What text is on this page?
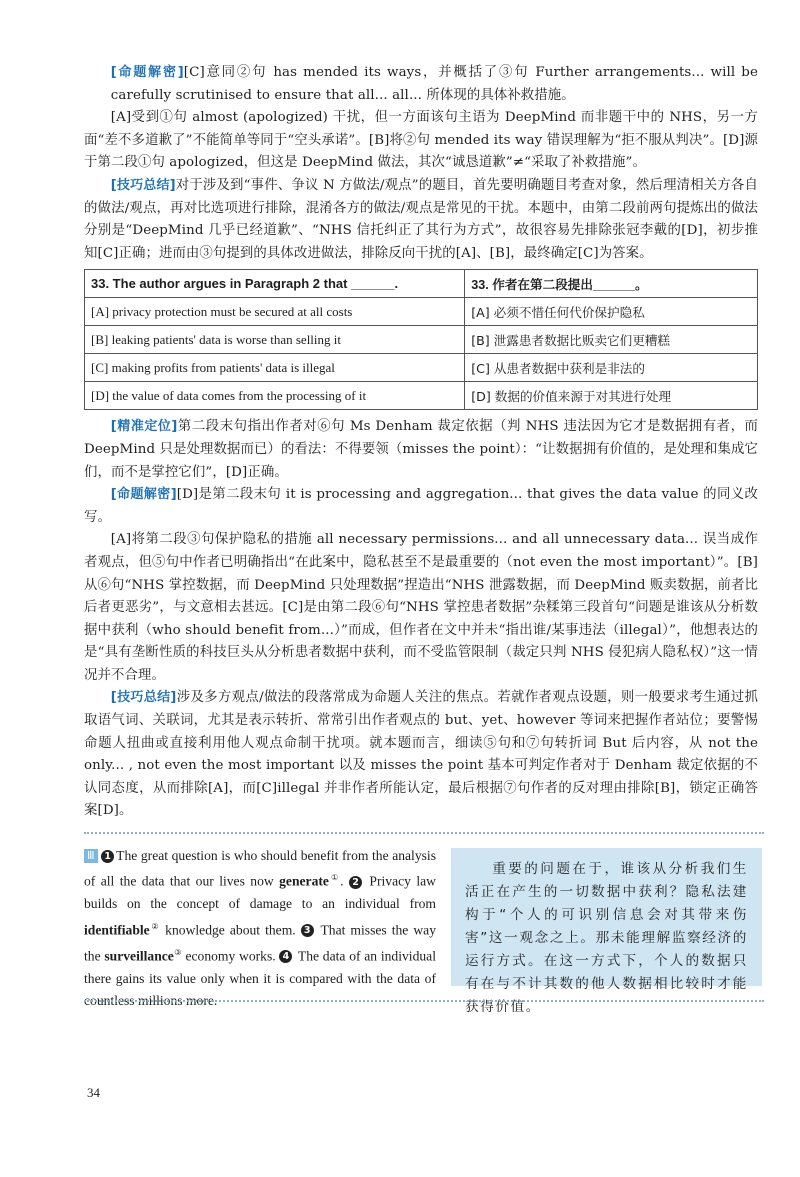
[命题解密][C]意同②句 has mended its ways，并概括了③句 Further arrangements... will be carefully scrutinised to ensure that all... all... 所体现的具体补救措施。

[A]受到①句 almost (apologized) 干扰，但一方面该句主语为 DeepMind 而非题干中的 NHS，另一方面“差不多道歉了”不能简单等同于“空头承诺”。[B]将②句 mended its way 错误理解为“拒不服从判决”。[D]源于第二段①句 apologized，但这是 DeepMind 做法，其次“诚恳道歉”≠“采取了补救措施”。

[技巧总结]对于涉及到“事件、争议 N 方做法/观点”的题目，首先要明确题目考查对象，然后理清相关方各自的做法/观点，再对比选项进行排除，混淆各方的做法/观点是常见的干扰。本题中，由第二段前两句提炼出的做法分别是“DeepMind 几乎已经道歉”、“NHS 信托纠正了其行为方式”，故很容易先排除张冠李戴的[D]，初步推知[C]正确；进而由③句提到的具体改进做法，排除反向干扰的[A]、[B]，最终确定[C]为答案。

33. The author argues in Paragraph 2 that ______.	33. 作者在第二段提出______。
[A] privacy protection must be secured at all costs	[A] 必须不惜任何代价保护隐私
[B] leaking patients' data is worse than selling it	[B] 泄露患者数据比贩卖它们更糟糕
[C] making profits from patients' data is illegal	[C] 从患者数据中获利是非法的
[D] the value of data comes from the processing of it	[D] 数据的价值来源于对其进行处理

[精准定位]第二段末句指出作者对⑥句 Ms Denham 裁定依据（判 NHS 违法因为它才是数据拥有者，而 DeepMind 只是处理数据而已）的看法：不得要领（misses the point）：“让数据拥有价值的，是处理和集成它们，而不是掌控它们”，[D]正确。

[命题解密][D]是第二段末句 it is processing and aggregation... that gives the data value 的同义改写。

[A]将第二段③句保护隐私的措施 all necessary permissions... and all unnecessary data... 误当成作者观点，但⑤句中作者已明确指出“在此案中，隐私甚至不是最重要的（not even the most important）”。[B]从⑥句“NHS 掌控数据，而 DeepMind 只处理数据”捏造出“NHS 泄露数据，而 DeepMind 贩卖数据，前者比后者更恶劣”，与文意相去甚远。[C]是由第二段⑥句“NHS 掌控患者数据”杂糅第三段首句“问题是谁该从分析数据中获利（who should benefit from...）”而成，但作者在文中并未“指出谁/某事违法（illegal）”，他想表达的是“具有垄断性质的科技巨头从分析患者数据中获利，而不受监管限制（裁定只判 NHS 侵犯病人隐私权）”这一情况并不合理。

[技巧总结]涉及多方观点/做法的段落常成为命题人关注的焦点。若就作者观点设题，则一般要求考生通过抓取语气词、关联词，尤其是表示转折、常常引出作者观点的 but、yet、however 等词来把握作者站位；要警惕命题人扭曲或直接利用他人观点命制干扰项。就本题而言，细读⑤句和⑦句转折词 But 后内容，从 not the only... , not even the most important 以及 misses the point 基本可判定作者对于 Denham 裁定依据的不认同态度，从而排除[A]，而[C]illegal 并非作者所能认定，最后根据⑦句作者的反对理由排除[B]，锁定正确答案[D]。

Ⅲ 1 The great question is who should benefit from the analysis of all the data that our lives now generate①. 2 Privacy law builds on the concept of damage to an individual from identifiable② knowledge about them. 3 That misses the way the surveillance③ economy works. 4 The data of an individual there gains its value only when it is compared with the data of countless millions more.

重要的问题在于，谁该从分析我们生活正在产生的一切数据中获利？隐私法建构于“个人的可识别信息会对其带来伤害”这一观念之上。那未能理解监察经济的运行方式。在这一方式下，个人的数据只有在与不计其数的他人数据相比较时才能获得价值。

34
